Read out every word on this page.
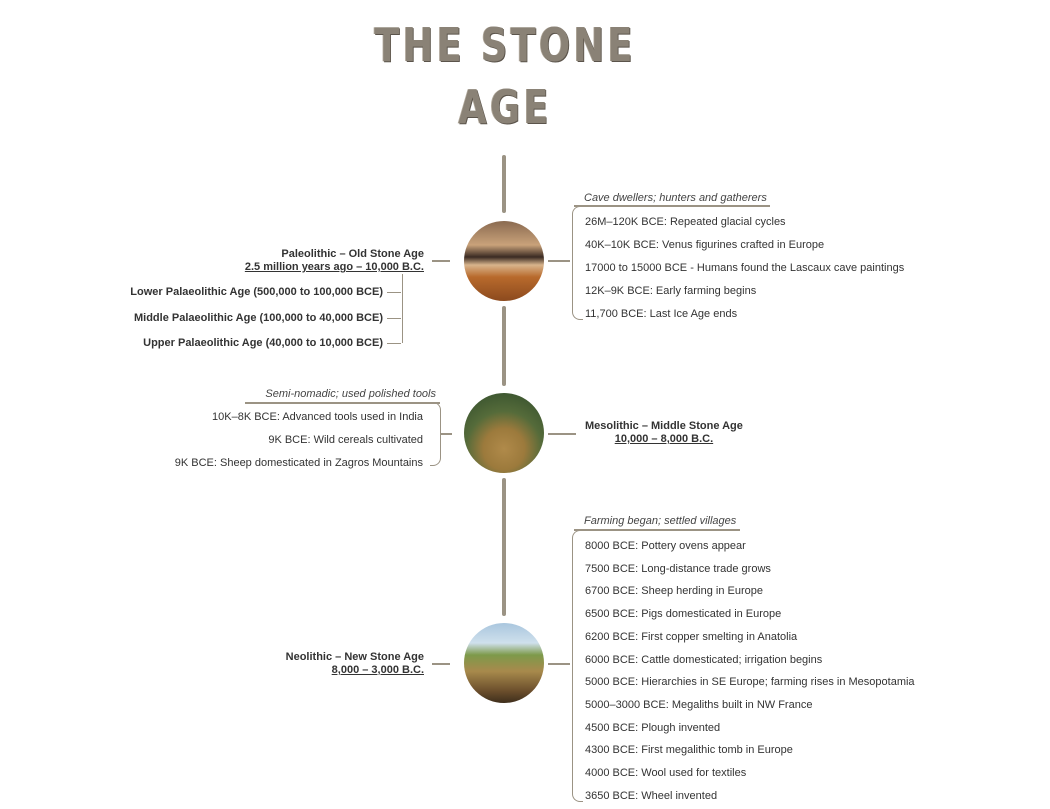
THE STONE
AGE
Paleolithic – Old Stone Age
2.5 million years ago – 10,000 B.C.
Lower Palaeolithic Age (500,000 to 100,000 BCE)
Middle Palaeolithic Age (100,000 to 40,000 BCE)
Upper Palaeolithic Age (40,000 to 10,000 BCE)
Cave dwellers; hunters and gatherers
26M–120K BCE: Repeated glacial cycles
40K–10K BCE: Venus figurines crafted in Europe
17000 to 15000 BCE - Humans found the Lascaux cave paintings
12K–9K BCE: Early farming begins
11,700 BCE: Last Ice Age ends
Semi-nomadic; used polished tools
10K–8K BCE: Advanced tools used in India
9K BCE: Wild cereals cultivated
9K BCE: Sheep domesticated in Zagros Mountains
Mesolithic – Middle Stone Age
10,000 – 8,000 B.C.
Neolithic – New Stone Age
8,000 – 3,000 B.C.
Farming began; settled villages
8000 BCE: Pottery ovens appear
7500 BCE: Long-distance trade grows
6700 BCE: Sheep herding in Europe
6500 BCE: Pigs domesticated in Europe
6200 BCE: First copper smelting in Anatolia
6000 BCE: Cattle domesticated; irrigation begins
5000 BCE: Hierarchies in SE Europe; farming rises in Mesopotamia
5000–3000 BCE: Megaliths built in NW France
4500 BCE: Plough invented
4300 BCE: First megalithic tomb in Europe
4000 BCE: Wool used for textiles
3650 BCE: Wheel invented
